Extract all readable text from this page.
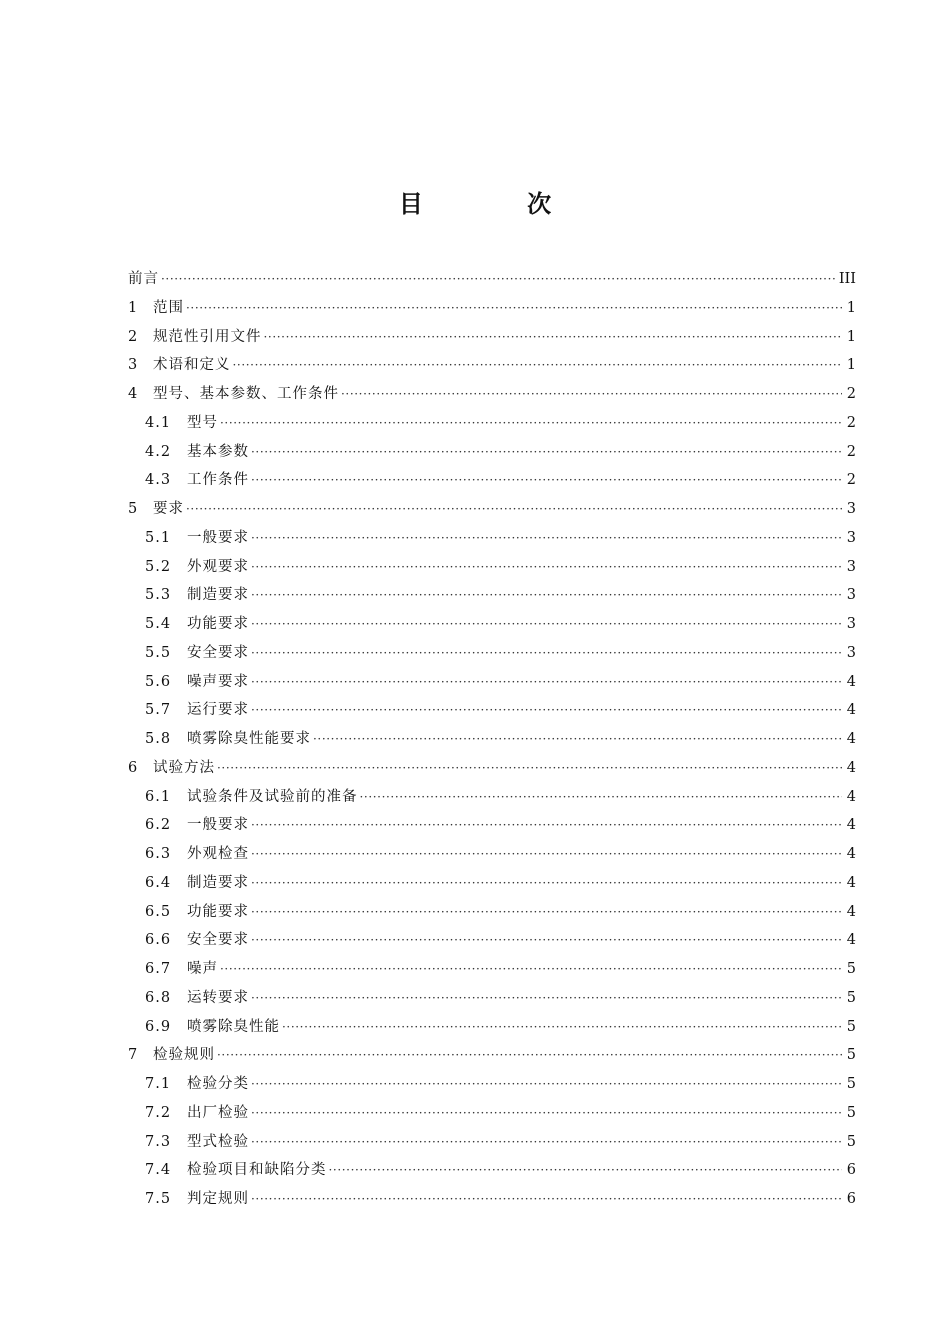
目 次
前言 ·····	III
1	范围 ·····	1
2	规范性引用文件 ·····	1
3	术语和定义 ·····	1
4	型号、基本参数、工作条件 ·····	2
4.1	型号 ·····	2
4.2	基本参数 ·····	2
4.3	工作条件 ·····	2
5	要求 ·····	3
5.1	一般要求 ·····	3
5.2	外观要求 ·····	3
5.3	制造要求 ·····	3
5.4	功能要求 ·····	3
5.5	安全要求 ·····	3
5.6	噪声要求 ·····	4
5.7	运行要求 ·····	4
5.8	喷雾除臭性能要求 ·····	4
6	试验方法 ·····	4
6.1	试验条件及试验前的准备 ·····	4
6.2	一般要求 ·····	4
6.3	外观检查 ·····	4
6.4	制造要求 ·····	4
6.5	功能要求 ·····	4
6.6	安全要求 ·····	4
6.7	噪声 ·····	5
6.8	运转要求 ·····	5
6.9	喷雾除臭性能 ·····	5
7	检验规则 ·····	5
7.1	检验分类 ·····	5
7.2	出厂检验 ·····	5
7.3	型式检验 ·····	5
7.4	检验项目和缺陷分类 ·····	6
7.5	判定规则 ·····	6
